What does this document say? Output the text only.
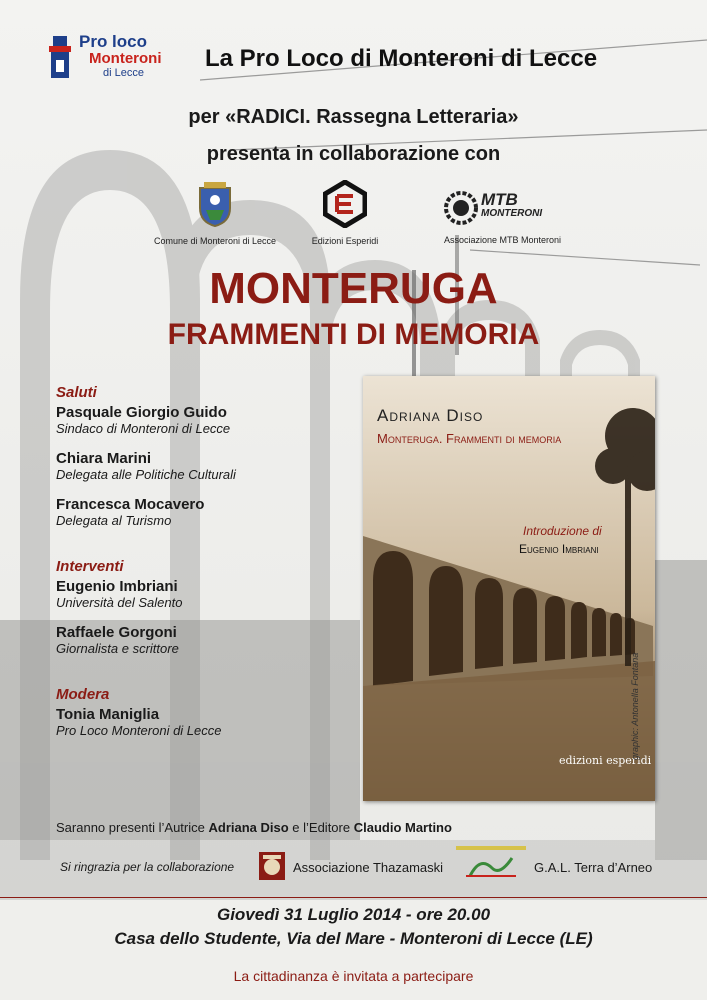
Pro loco
Monteroni
di Lecce
La Pro Loco di Monteroni di Lecce
per «RADICI. Rassegna Letteraria»
presenta in collaborazione con
Comune di Monteroni di Lecce	Edizioni Esperidi
MTB
MONTERONI
Associazione MTB Monteroni
MONTERUGA
FRAMMENTI DI MEMORIA

Saluti

Pasquale Giorgio Guido

Sindaco di Monteroni di Lecce

Chiara Marini

Delegata alle Politiche Culturali

Francesca Mocavero

Delegata al Turismo

Interventi

Eugenio Imbriani

Università del Salento

Raffaele Gorgoni

Giornalista e scrittore

Modera

Tonia Maniglia

Pro Loco Monteroni di Lecce

Adriana Diso
Monteruga. Frammenti di memoria
Introduzione di
Eugenio Imbriani
edizioni esperidi
graphic: Antonella Fontana
Saranno presenti l’Autrice Adriana Diso e l’Editore Claudio Martino
Si ringrazia per la collaborazione	Associazione Thazamaski	G.A.L. Terra d’Arneo
Giovedì 31 Luglio 2014 - ore 20.00
Casa dello Studente, Via del Mare - Monteroni di Lecce (LE)
La cittadinanza è invitata a partecipare
